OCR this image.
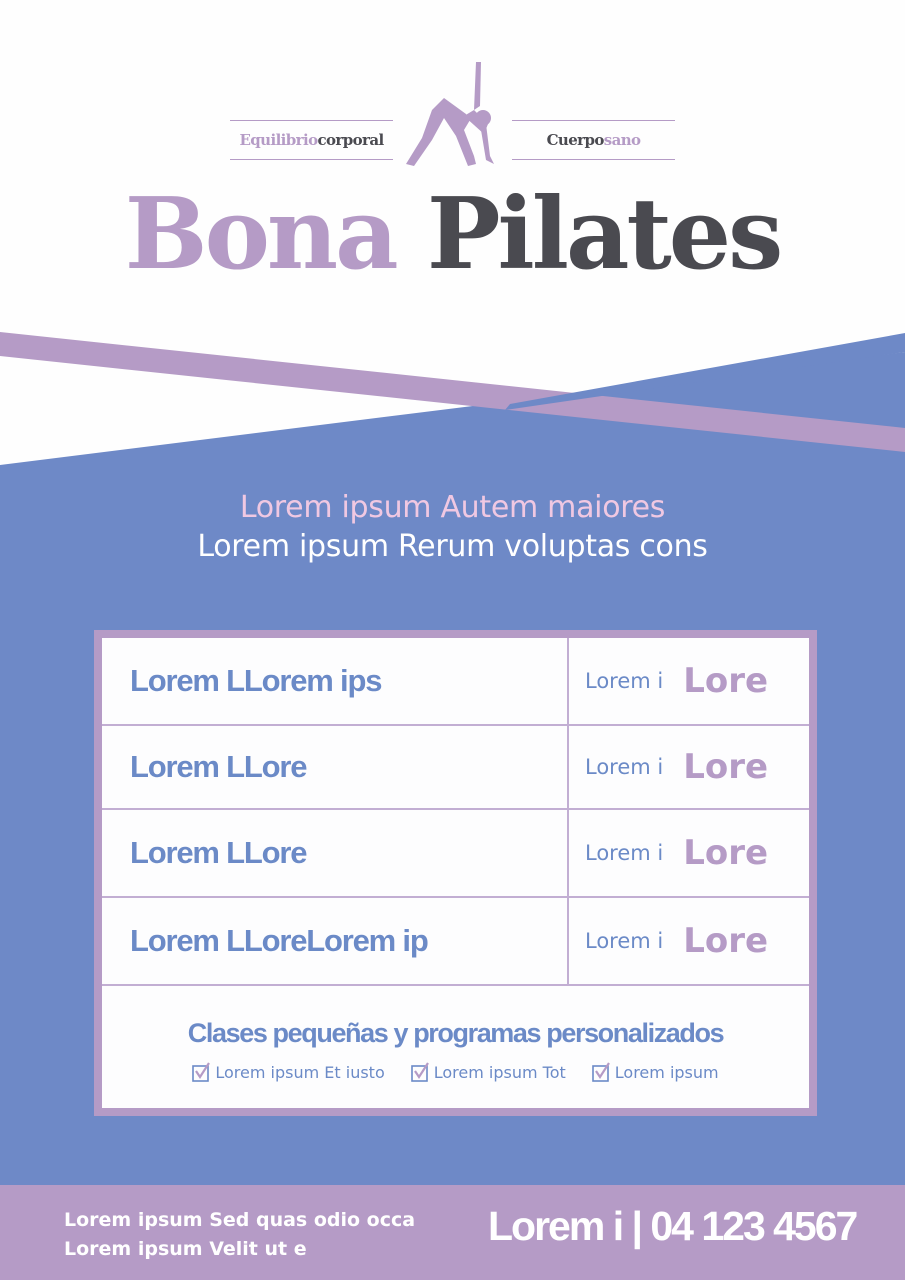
Equilibrio corporal	Cuerpo sano
Bona Pilates
Lorem ipsum Autem maiores
Lorem ipsum Rerum voluptas cons
Lorem LLorem ips	Lorem i Lore
Lorem LLore	Lorem i Lore
Lorem LLore	Lorem i Lore
Lorem LLoreLorem ip	Lorem i Lore
Clases pequeñas y programas personalizados
Lorem ipsum Et iusto	Lorem ipsum Tot	Lorem ipsum
Lorem ipsum Sed quas odio occa
Lorem ipsum Velit ut e	Lorem i | 04 123 4567
